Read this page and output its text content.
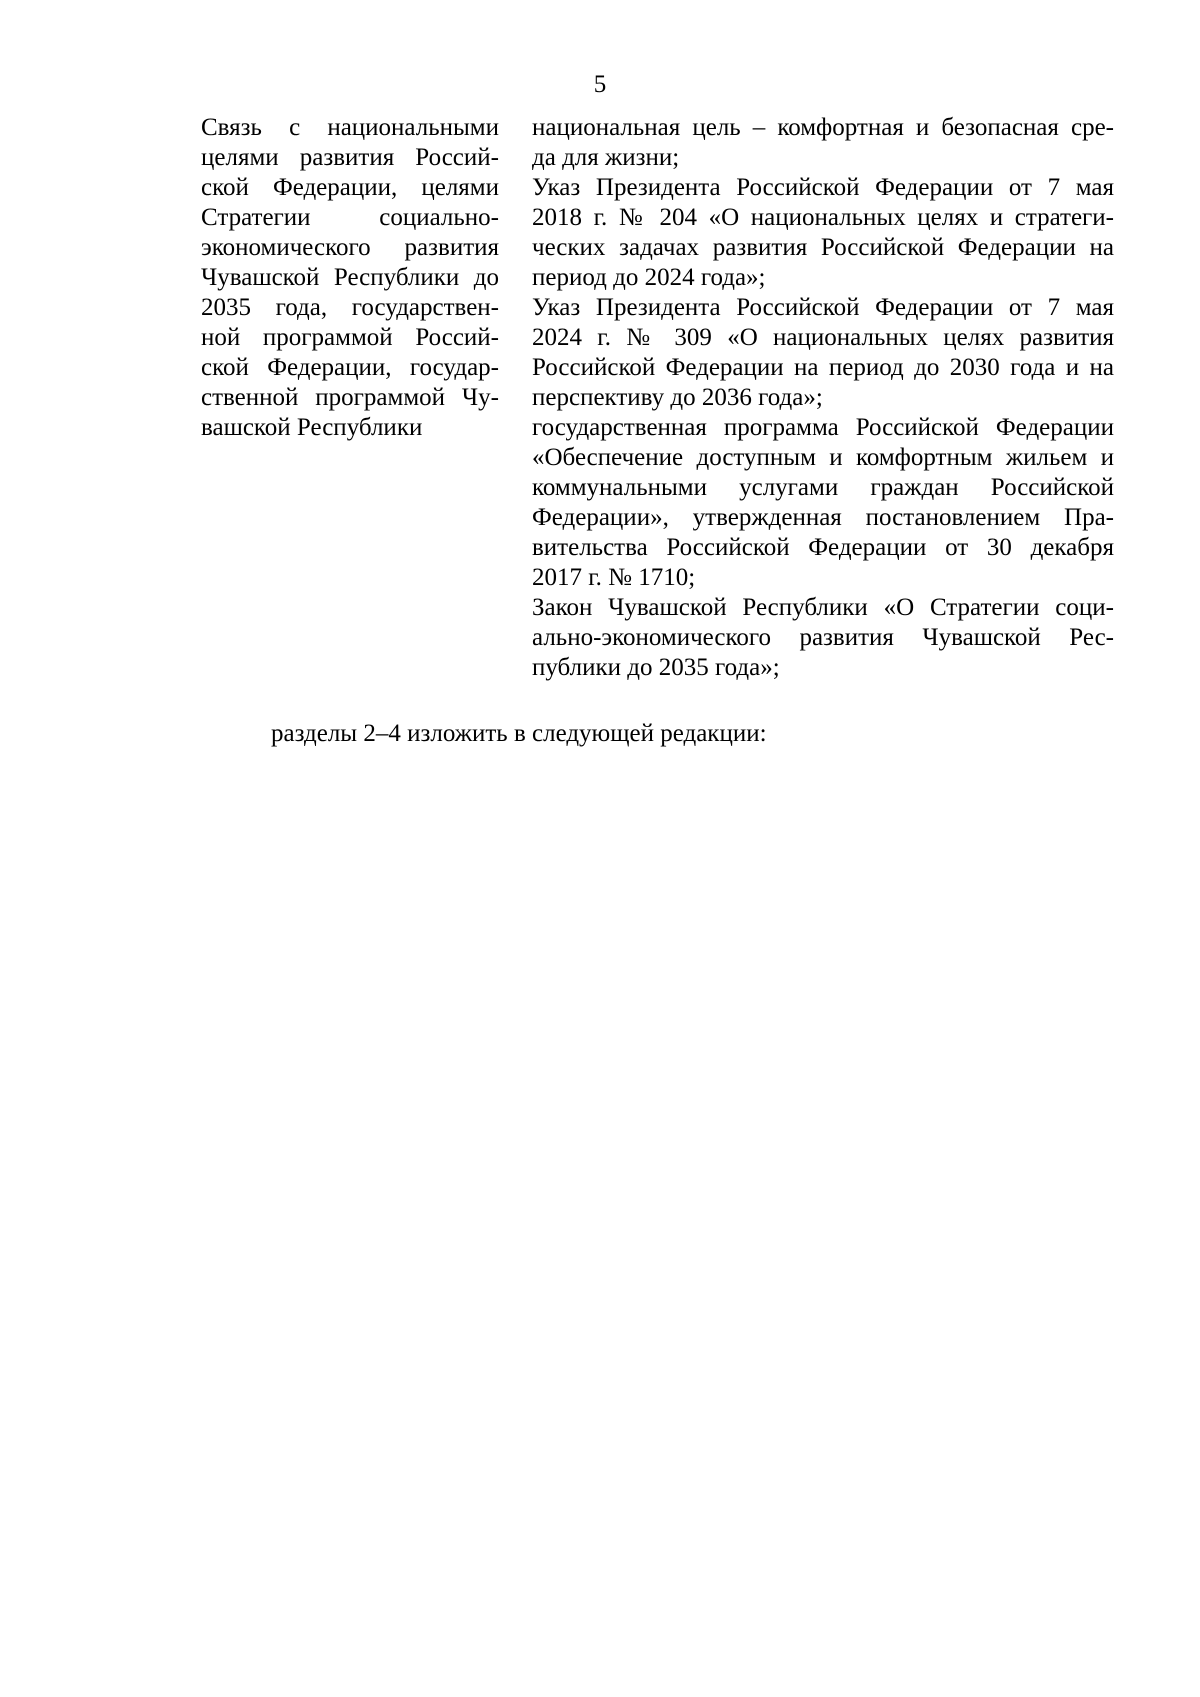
5
Связь с национальными
целями развития Россий-
ской Федерации, целями
Стратегии социально-
экономического развития
Чувашской Республики до
2035 года, государствен-
ной программой Россий-
ской Федерации, государ-
ственной программой Чу-
вашской Республики
национальная цель – комфортная и безопасная сре-
да для жизни;
Указ Президента Российской Федерации от 7 мая
2018 г. № 204 «О национальных целях и стратеги-
ческих задачах развития Российской Федерации на
период до 2024 года»;
Указ Президента Российской Федерации от 7 мая
2024 г. № 309 «О национальных целях развития
Российской Федерации на период до 2030 года и на
перспективу до 2036 года»;
государственная программа Российской Федерации
«Обеспечение доступным и комфортным жильем и
коммунальными услугами граждан Российской
Федерации», утвержденная постановлением Пра-
вительства Российской Федерации от 30 декабря
2017 г. № 1710;
Закон Чувашской Республики «О Стратегии соци-
ально-экономического развития Чувашской Рес-
публики до 2035 года»;
разделы 2–4 изложить в следующей редакции:
